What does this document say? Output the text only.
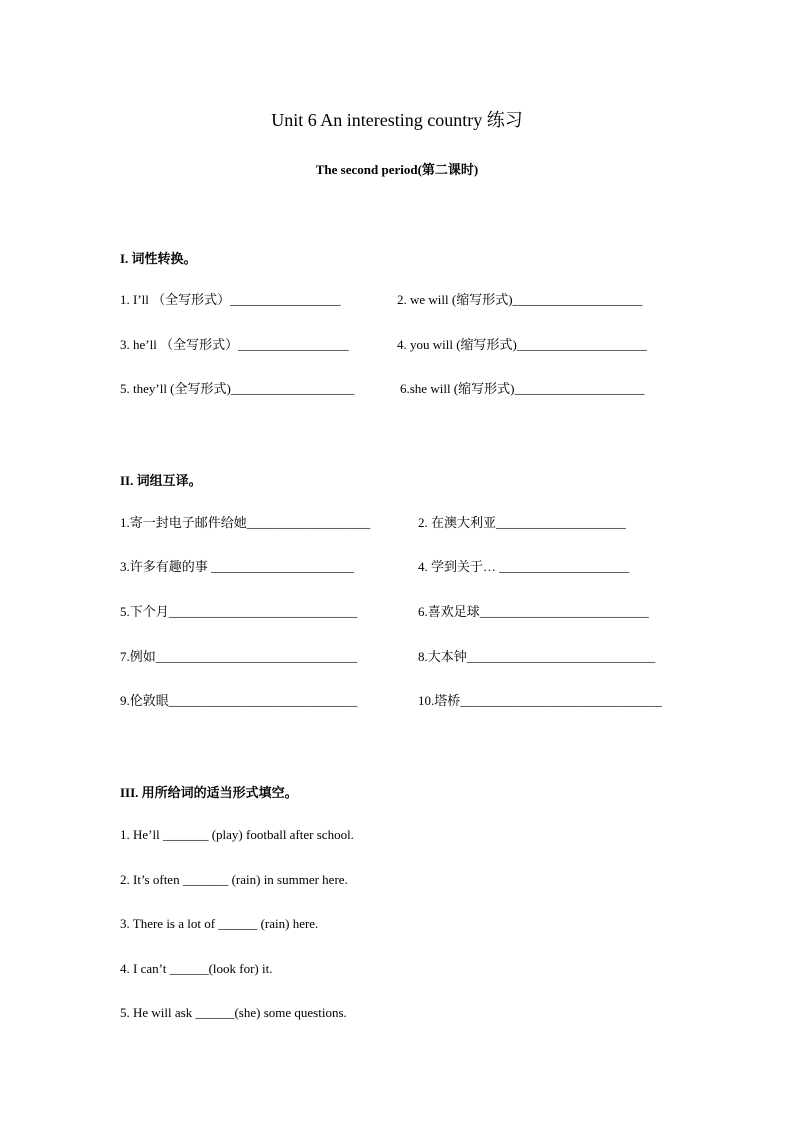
Unit 6 An interesting country 练习
The second period(第二课时)
I. 词性转换。
1. I’ll （全写形式）_________________	2. we will (缩写形式)____________________
3. he’ll （全写形式）_________________	4. you will (缩写形式)____________________
5. they’ll (全写形式)___________________	6.she will (缩写形式)____________________
II. 词组互译。
1.寄一封电子邮件给她___________________	2. 在澳大利亚____________________
3.许多有趣的事 ______________________	4. 学到关于… ____________________
5.下个月_____________________________	6.喜欢足球__________________________
7.例如_______________________________	8.大本钟_____________________________
9.伦敦眼_____________________________	10.塔桥_______________________________
III. 用所给词的适当形式填空。
1. He’ll _______ (play) football after school.
2. It’s often _______ (rain) in summer here.
3. There is a lot of ______ (rain) here.
4. I can’t ______(look for) it.
5. He will ask ______(she) some questions.
